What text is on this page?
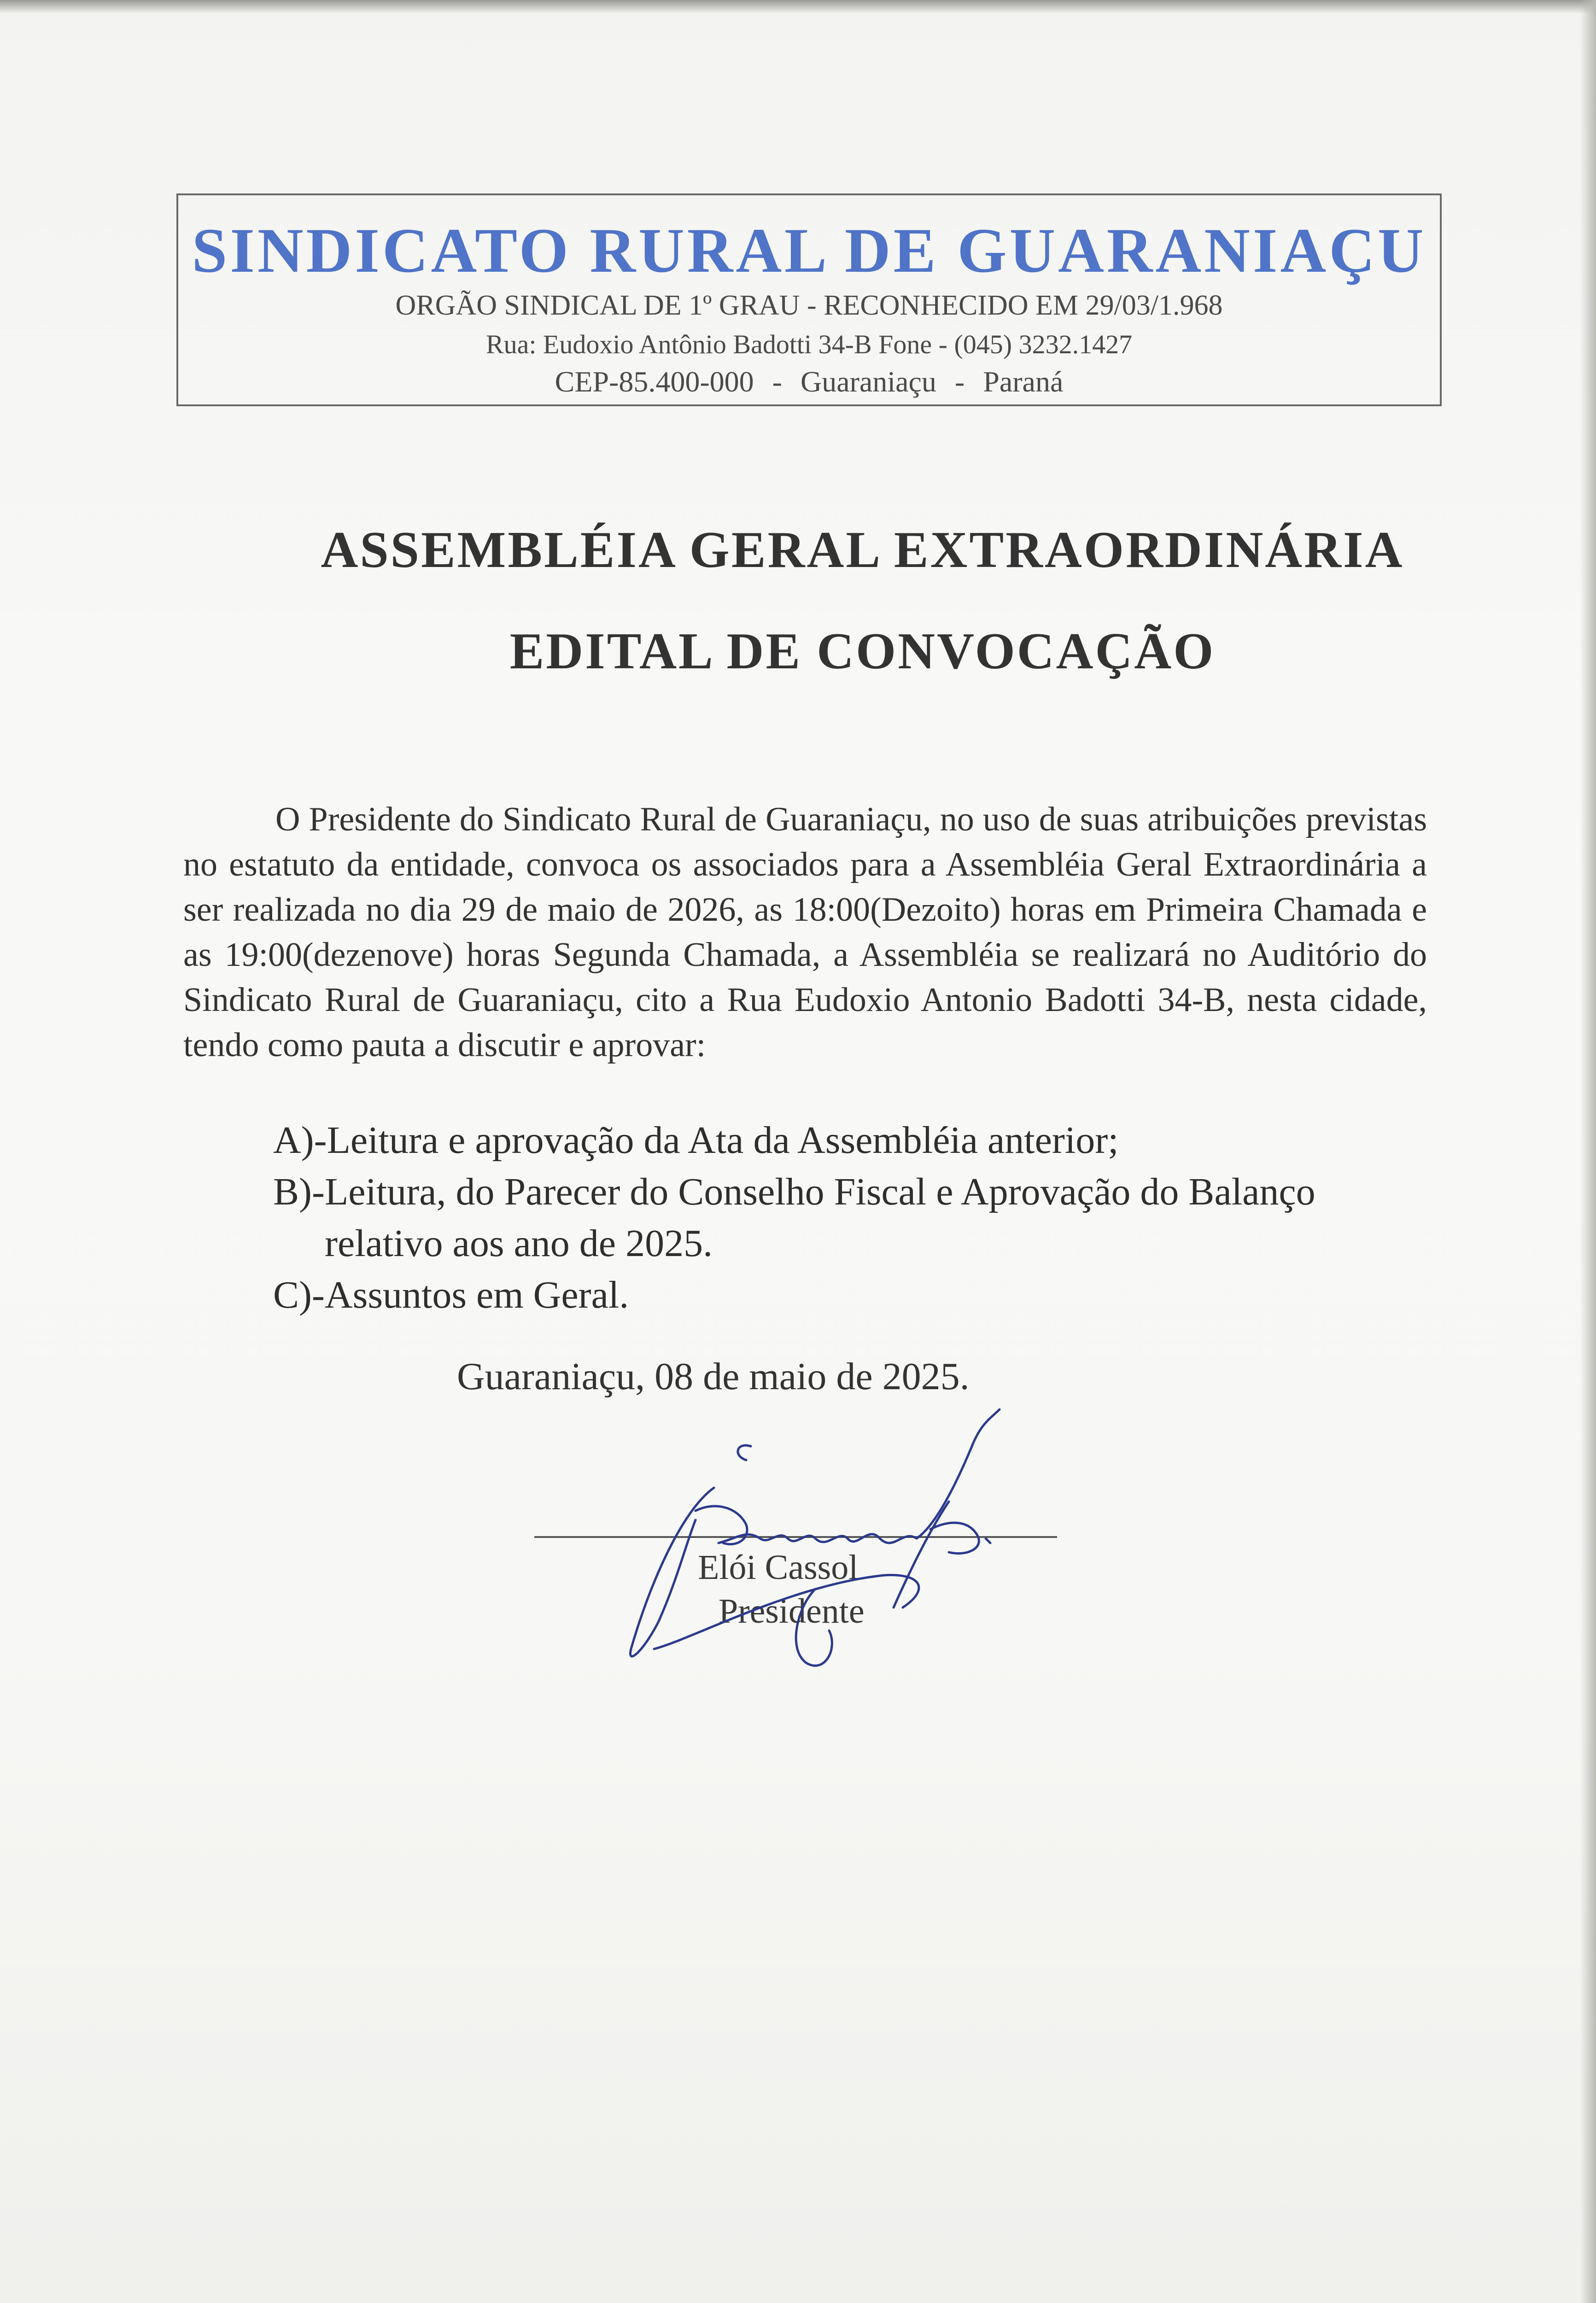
SINDICATO RURAL DE GUARANIAÇU
ORGÃO SINDICAL DE 1º GRAU - RECONHECIDO EM 29/03/1.968
Rua: Eudoxio Antônio Badotti 34-B Fone - (045) 3232.1427
CEP-85.400-000 - Guaraniaçu - Paraná
ASSEMBLÉIA GERAL EXTRAORDINÁRIA
EDITAL DE CONVOCAÇÃO
O Presidente do Sindicato Rural de Guaraniaçu, no uso de suas atribuições previstas no estatuto da entidade, convoca os associados para a Assembléia Geral Extraordinária a ser realizada no dia 29 de maio de 2026, as 18:00(Dezoito) horas em Primeira Chamada e as 19:00(dezenove) horas Segunda Chamada, a Assembléia se realizará no Auditório do Sindicato Rural de Guaraniaçu, cito a Rua Eudoxio Antonio Badotti 34-B, nesta cidade, tendo como pauta a discutir e aprovar:
A)- Leitura e aprovação da Ata da Assembléia anterior;
B)- Leitura, do Parecer do Conselho Fiscal e Aprovação do Balanço relativo aos ano de 2025.
C)- Assuntos em Geral.
Guaraniaçu, 08 de maio de 2025.
Elói Cassol
Presidente
